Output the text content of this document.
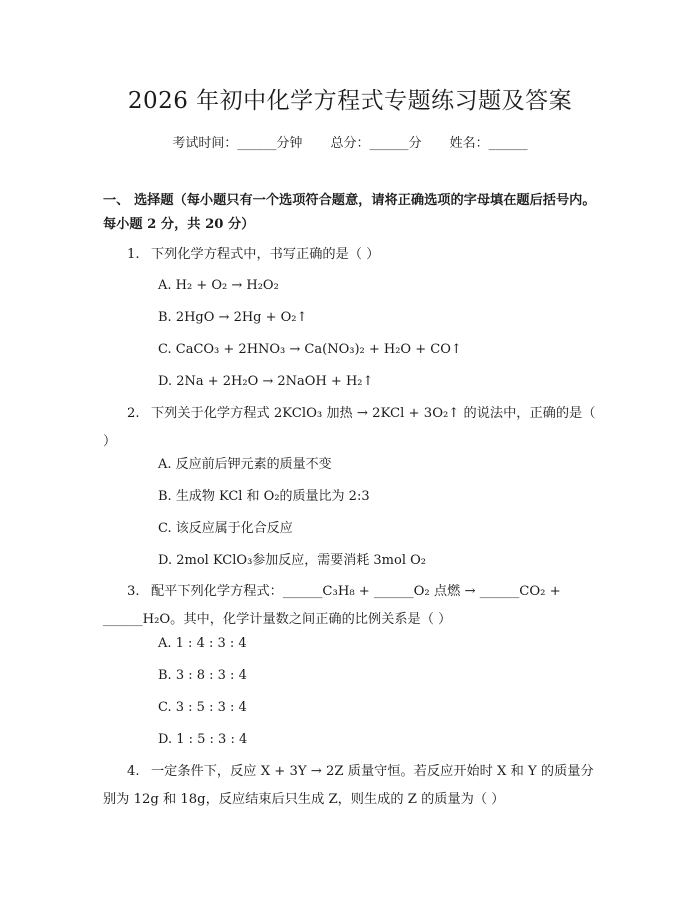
2026 年初中化学方程式专题练习题及答案
考试时间：______分钟 总分：______分 姓名：______
一、 选择题（每小题只有一个选项符合题意，请将正确选项的字母填在题后括号内。每小题 2 分，共 20 分）
1. 下列化学方程式中，书写正确的是（ ）
A. H₂ + O₂ → H₂O₂
B. 2HgO → 2Hg + O₂↑
C. CaCO₃ + 2HNO₃ → Ca(NO₃)₂ + H₂O + CO↑
D. 2Na + 2H₂O → 2NaOH + H₂↑
2. 下列关于化学方程式 2KClO₃ 加热 → 2KCl + 3O₂↑ 的说法中，正确的是（ ）
A. 反应前后钾元素的质量不变
B. 生成物 KCl 和 O₂的质量比为 2:3
C. 该反应属于化合反应
D. 2mol KClO₃参加反应，需要消耗 3mol O₂
3. 配平下列化学方程式：______C₃H₈ + ______O₂ 点燃 → ______CO₂ + ______H₂O。其中，化学计量数之间正确的比例关系是（ ）
A. 1 : 4 : 3 : 4
B. 3 : 8 : 3 : 4
C. 3 : 5 : 3 : 4
D. 1 : 5 : 3 : 4
4. 一定条件下，反应 X + 3Y → 2Z 质量守恒。若反应开始时 X 和 Y 的质量分别为 12g 和 18g，反应结束后只生成 Z，则生成的 Z 的质量为（ ）
